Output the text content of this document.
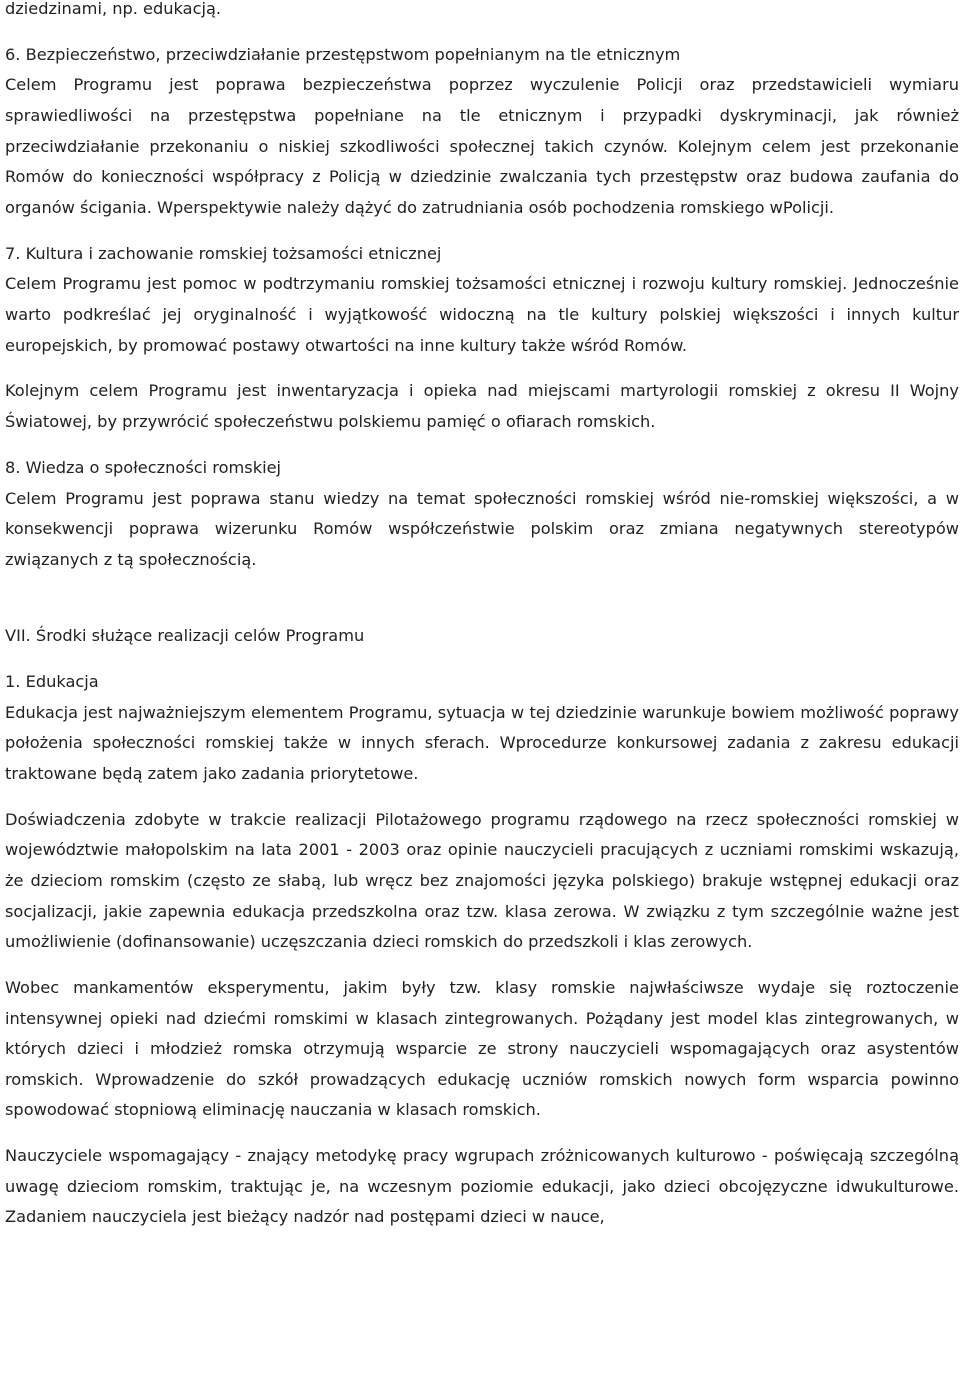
dziedzinami, np. edukacją.

6. Bezpieczeństwo, przeciwdziałanie przestępstwom popełnianym na tle etnicznym

Celem Programu jest poprawa bezpieczeństwa poprzez wyczulenie Policji oraz przedstawicieli wymiaru sprawiedliwości na przestępstwa popełniane na tle etnicznym i przypadki dyskryminacji, jak również przeciwdziałanie przekonaniu o niskiej szkodliwości społecznej takich czynów. Kolejnym celem jest przekonanie Romów do konieczności współpracy z Policją w dziedzinie zwalczania tych przestępstw oraz budowa zaufania do organów ścigania. Wperspektywie należy dążyć do zatrudniania osób pochodzenia romskiego wPolicji.

7. Kultura i zachowanie romskiej tożsamości etnicznej

Celem Programu jest pomoc w podtrzymaniu romskiej tożsamości etnicznej i rozwoju kultury romskiej. Jednocześnie warto podkreślać jej oryginalność i wyjątkowość widoczną na tle kultury polskiej większości i innych kultur europejskich, by promować postawy otwartości na inne kultury także wśród Romów.

Kolejnym celem Programu jest inwentaryzacja i opieka nad miejscami martyrologii romskiej z okresu II Wojny Światowej, by przywrócić społeczeństwu polskiemu pamięć o ofiarach romskich.

8. Wiedza o społeczności romskiej

Celem Programu jest poprawa stanu wiedzy na temat społeczności romskiej wśród nie-romskiej większości, a w konsekwencji poprawa wizerunku Romów współczeństwie polskim oraz zmiana negatywnych stereotypów związanych z tą społecznością.

VII. Środki służące realizacji celów Programu

1. Edukacja

Edukacja jest najważniejszym elementem Programu, sytuacja w tej dziedzinie warunkuje bowiem możliwość poprawy położenia społeczności romskiej także w innych sferach. Wprocedurze konkursowej zadania z zakresu edukacji traktowane będą zatem jako zadania priorytetowe.

Doświadczenia zdobyte w trakcie realizacji Pilotażowego programu rządowego na rzecz społeczności romskiej w województwie małopolskim na lata 2001 - 2003 oraz opinie nauczycieli pracujących z uczniami romskimi wskazują, że dzieciom romskim (często ze słabą, lub wręcz bez znajomości języka polskiego) brakuje wstępnej edukacji oraz socjalizacji, jakie zapewnia edukacja przedszkolna oraz tzw. klasa zerowa. W związku z tym szczególnie ważne jest umożliwienie (dofinansowanie) uczęszczania dzieci romskich do przedszkoli i klas zerowych.

Wobec mankamentów eksperymentu, jakim były tzw. klasy romskie najwłaściwsze wydaje się roztoczenie intensywnej opieki nad dziećmi romskimi w klasach zintegrowanych. Pożądany jest model klas zintegrowanych, w których dzieci i młodzież romska otrzymują wsparcie ze strony nauczycieli wspomagających oraz asystentów romskich. Wprowadzenie do szkół prowadzących edukację uczniów romskich nowych form wsparcia powinno spowodować stopniową eliminację nauczania w klasach romskich.

Nauczyciele wspomagający - znający metodykę pracy wgrupach zróżnicowanych kulturowo - poświęcają szczególną uwagę dzieciom romskim, traktując je, na wczesnym poziomie edukacji, jako dzieci obcojęzyczne idwukulturowe. Zadaniem nauczyciela jest bieżący nadzór nad postępami dzieci w nauce,
